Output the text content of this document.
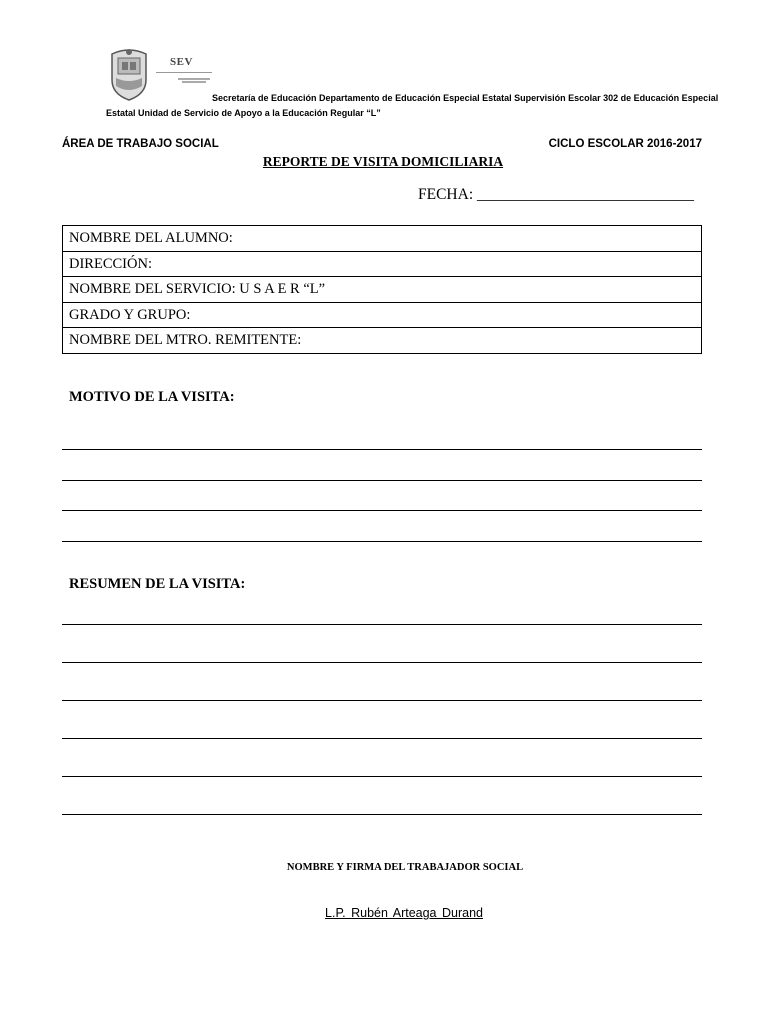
SEV
Secretaría de Educación Departamento de Educación Especial Estatal Supervisión Escolar 302 de Educación Especial
Estatal Unidad de Servicio de Apoyo a la Educación Regular “L”
ÁREA DE TRABAJO SOCIAL	CICLO ESCOLAR 2016-2017
REPORTE DE VISITA DOMICILIARIA
FECHA: ____________________________
NOMBRE DEL ALUMNO:
DIRECCIÓN:
NOMBRE DEL SERVICIO: U S A E R “L”
GRADO Y GRUPO:
NOMBRE DEL MTRO. REMITENTE:
MOTIVO DE LA VISITA:
RESUMEN DE LA VISITA:
NOMBRE Y FIRMA DEL TRABAJADOR SOCIAL
L.P. Rubén Arteaga Durand
